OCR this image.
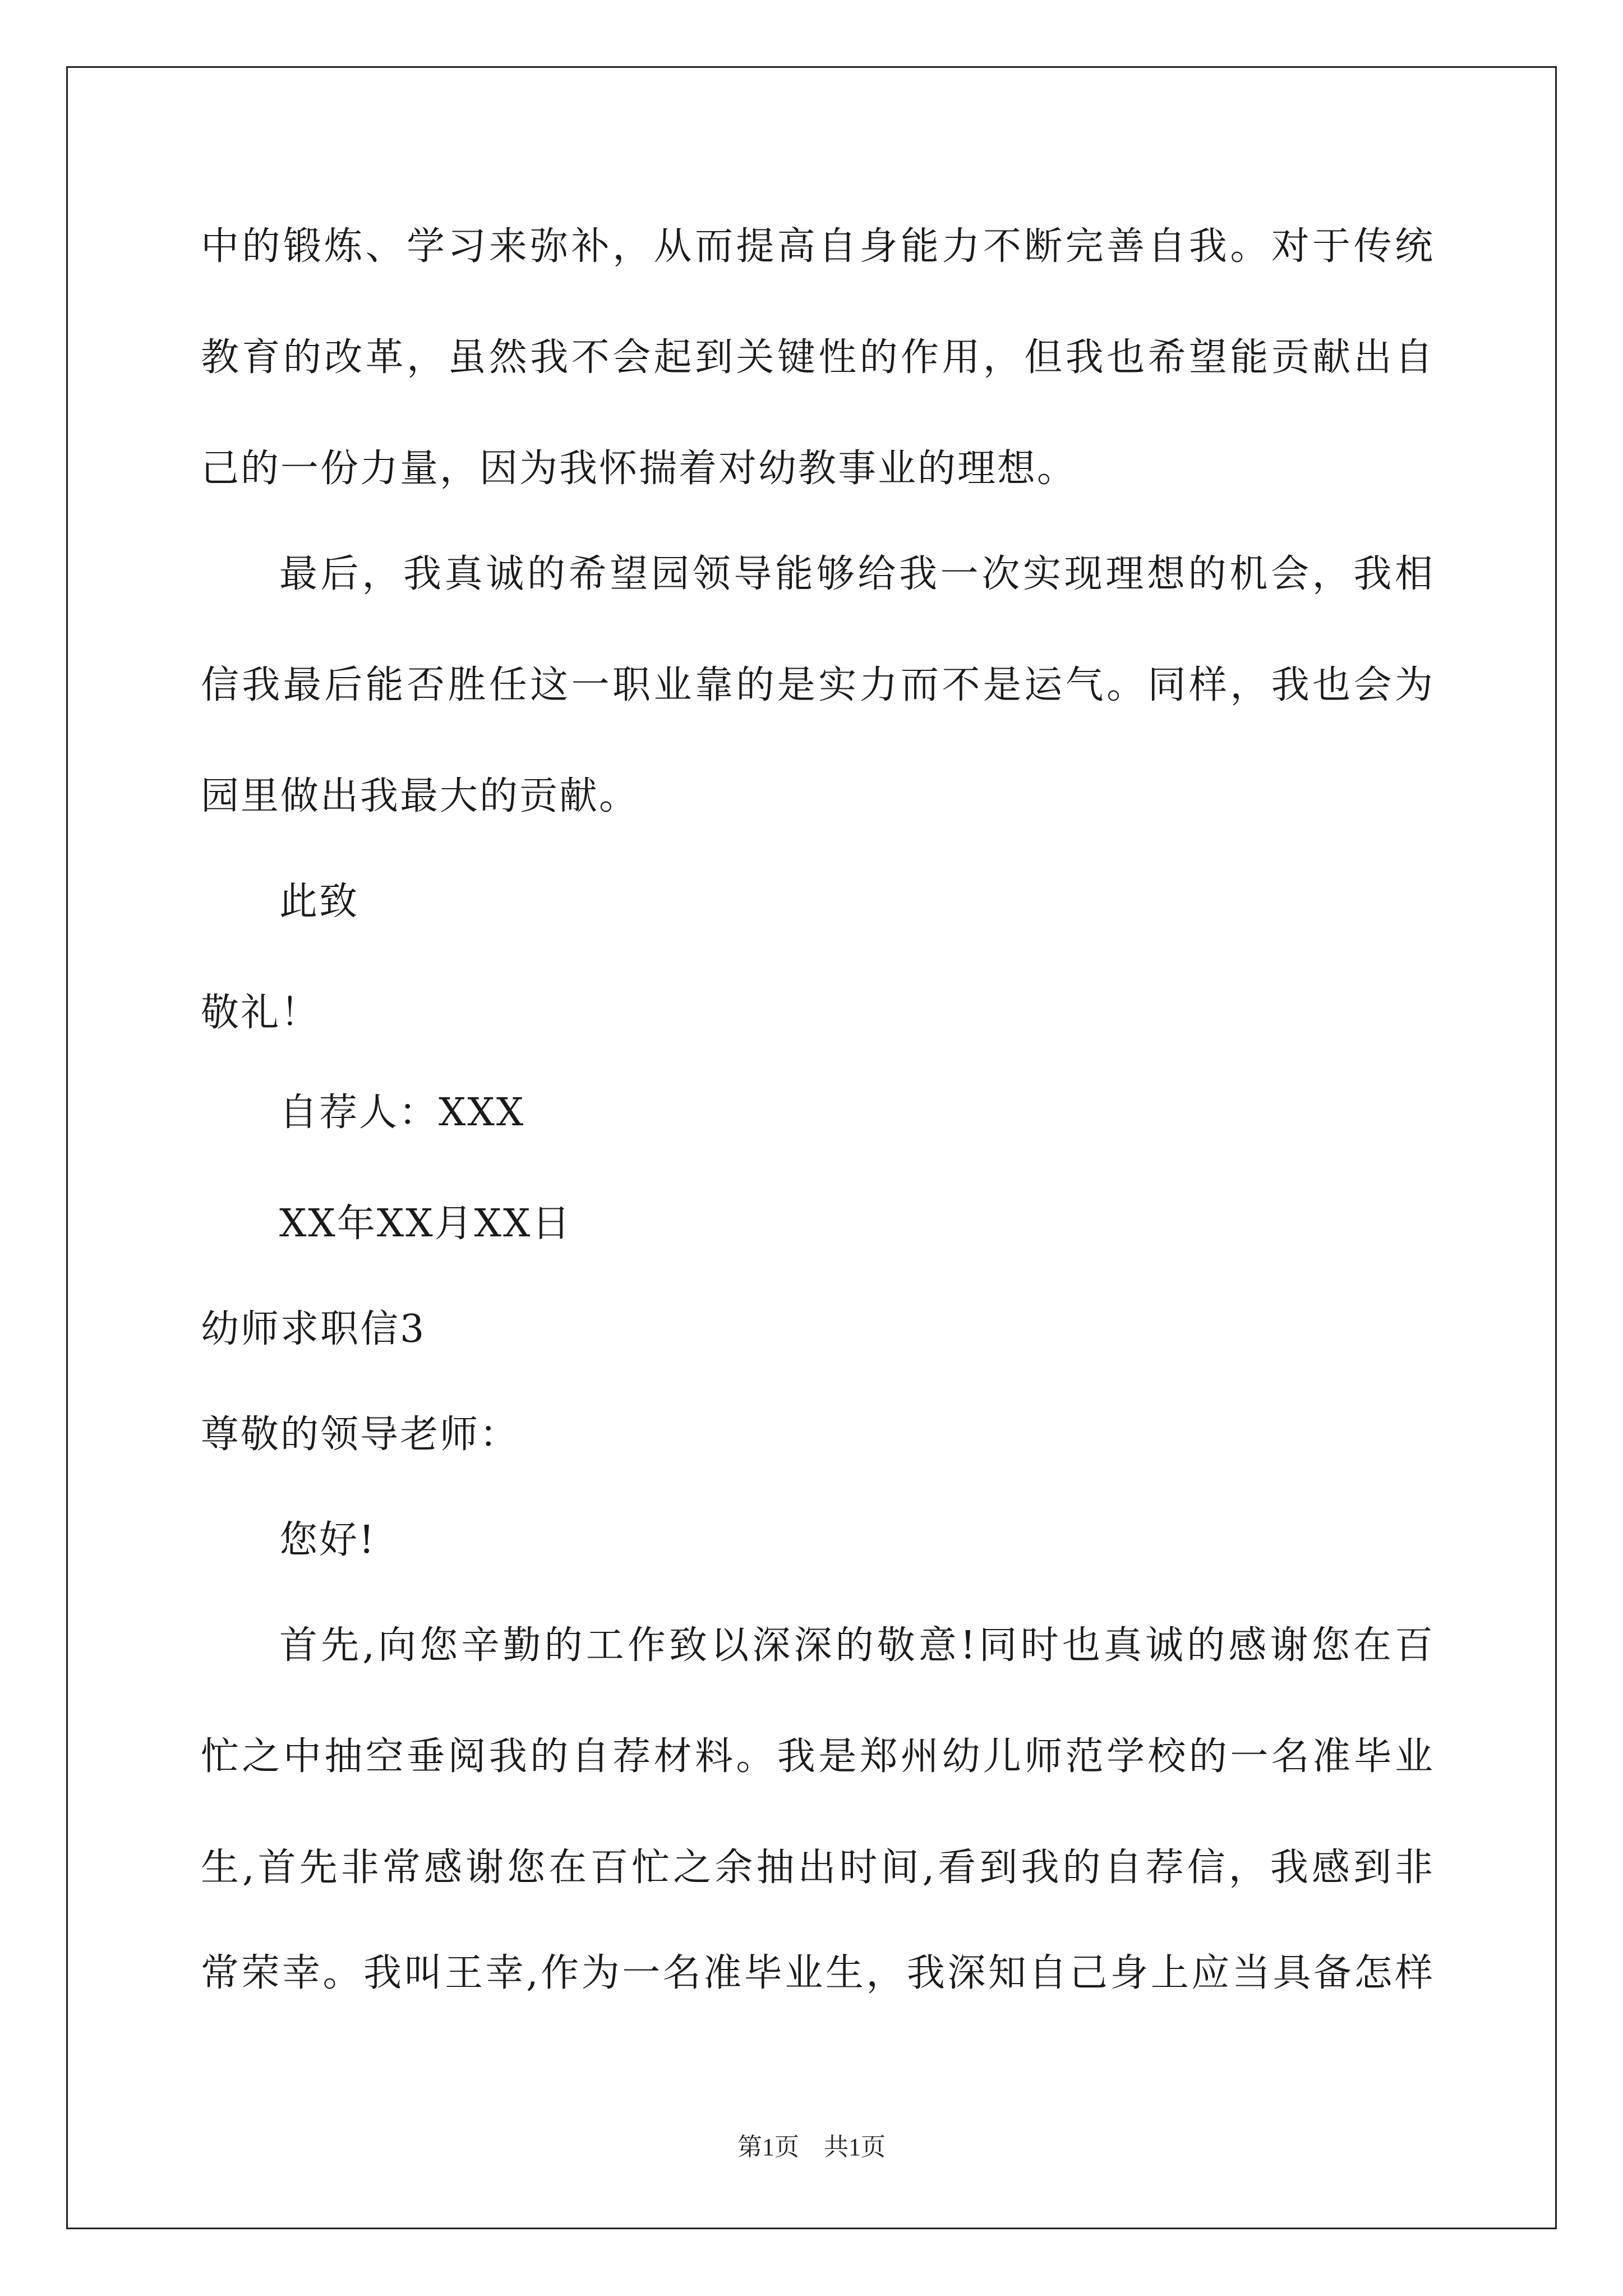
中的锻炼、学习来弥补，从而提高自身能力不断完善自我。对于传统
教育的改革，虽然我不会起到关键性的作用，但我也希望能贡献出自
己的一份力量，因为我怀揣着对幼教事业的理想。
最后，我真诚的希望园领导能够给我一次实现理想的机会，我相
信我最后能否胜任这一职业靠的是实力而不是运气。同样，我也会为
园里做出我最大的贡献。
此致
敬礼！
自荐人：XXX
XX年XX月XX日
幼师求职信3
尊敬的领导老师：
您好!
首先,向您辛勤的工作致以深深的敬意!同时也真诚的感谢您在百
忙之中抽空垂阅我的自荐材料。我是郑州幼儿师范学校的一名准毕业
生,首先非常感谢您在百忙之余抽出时间,看到我的自荐信，我感到非
常荣幸。我叫王幸,作为一名准毕业生，我深知自己身上应当具备怎样
第1页　共1页
